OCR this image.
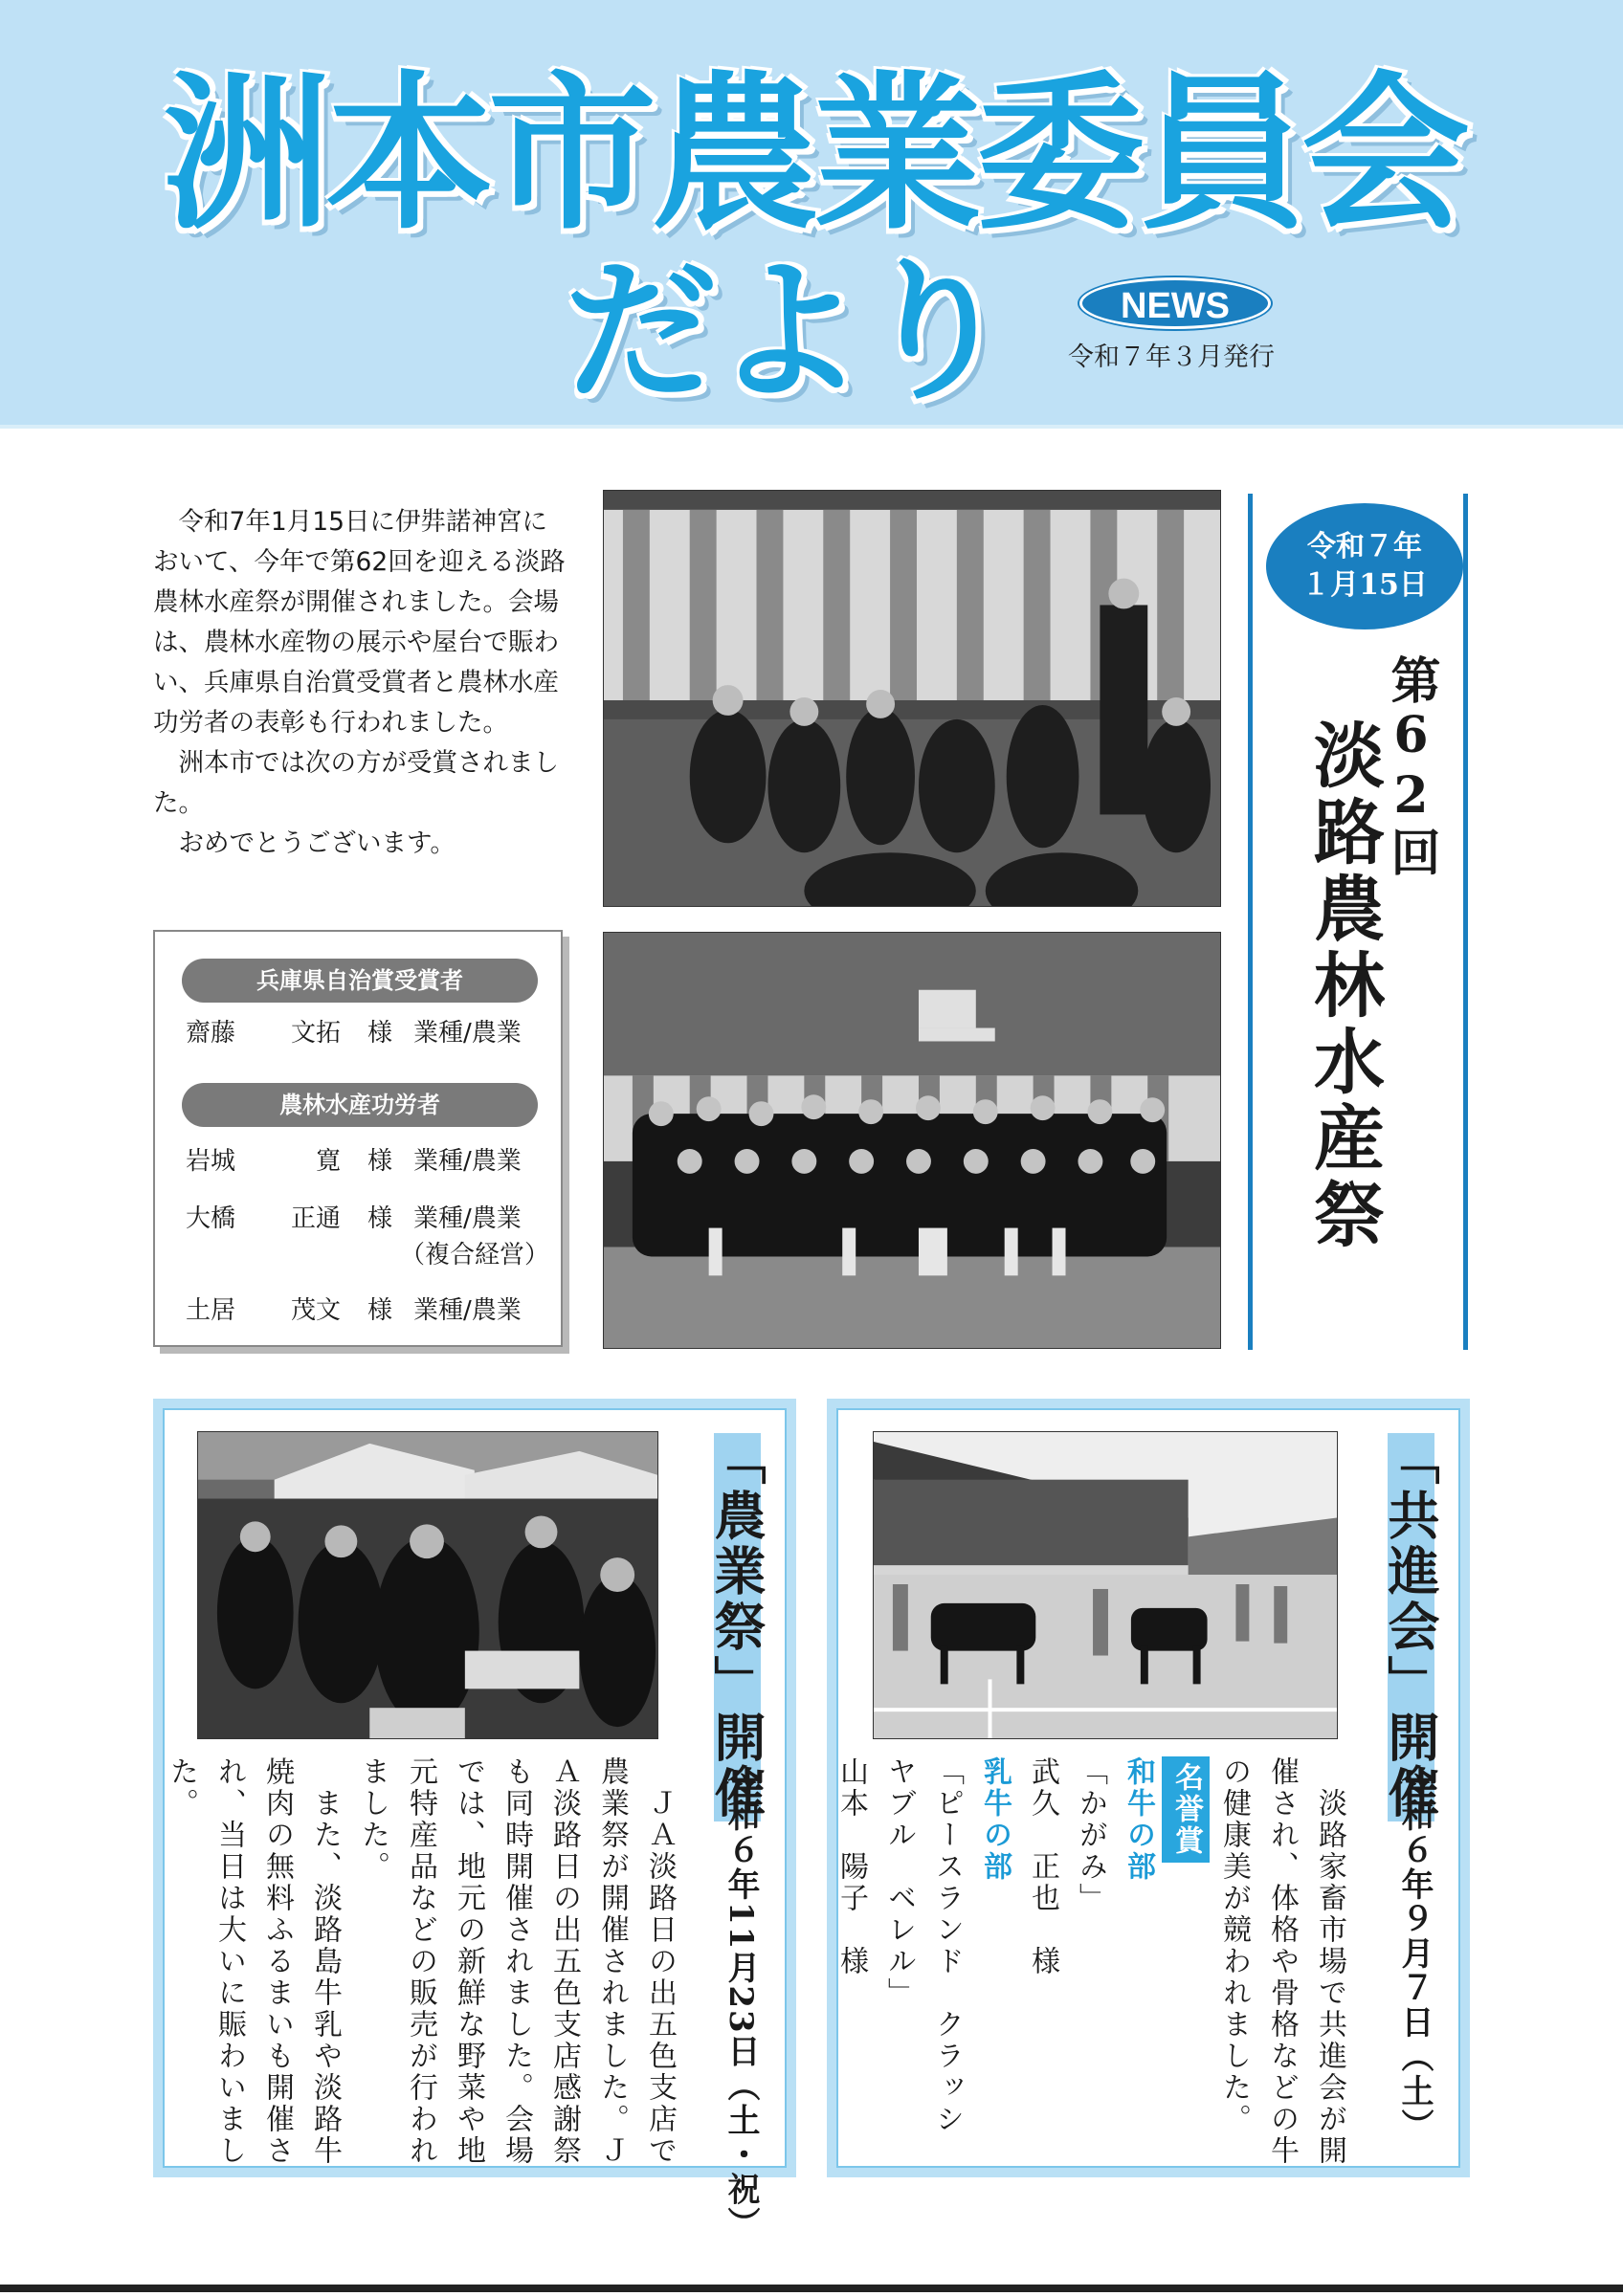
洲本市農業委員会
だより	NEWS
令和７年３月発行

令和7年1月15日に伊弉諾神宮において、今年で第62回を迎える淡路農林水産祭が開催されました。会場は、農林水産物の展示や屋台で賑わい、兵庫県自治賞受賞者と農林水産功労者の表彰も行われました。

洲本市では次の方が受賞されました。

おめでとうございます。

兵庫県自治賞受賞者
齋藤	文拓 様 業種/農業
農林水産功労者
岩城	寛 様 業種/農業
大橋	正通 様 業種/農業
（複合経営）
土居	茂文 様 業種/農業
令和７年
１月15日
第62回
淡路農林水産祭
「農業祭」開催
令和６年11月23日（土・祝）
　ＪＡ淡路日の出五色支店で
農業祭が開催されました。Ｊ
Ａ淡路日の出五色支店感謝祭
も同時開催されました。会場
では、地元の新鮮な野菜や地
元特産品などの販売が行われ
ました。
　また、淡路島牛乳や淡路牛
焼肉の無料ふるまいも開催さ
れ、当日は大いに賑わいまし
た。	「共進会」開催
令和６年９月７日（土）
　淡路家畜市場で共進会が開
催され、体格や骨格などの牛
の健康美が競われました。
名誉賞
和牛の部
「かがみ」
武久　正也　様
乳牛の部
「ピースランド　クラッシ
ヤブル　ベレル」
山本　陽子　様
